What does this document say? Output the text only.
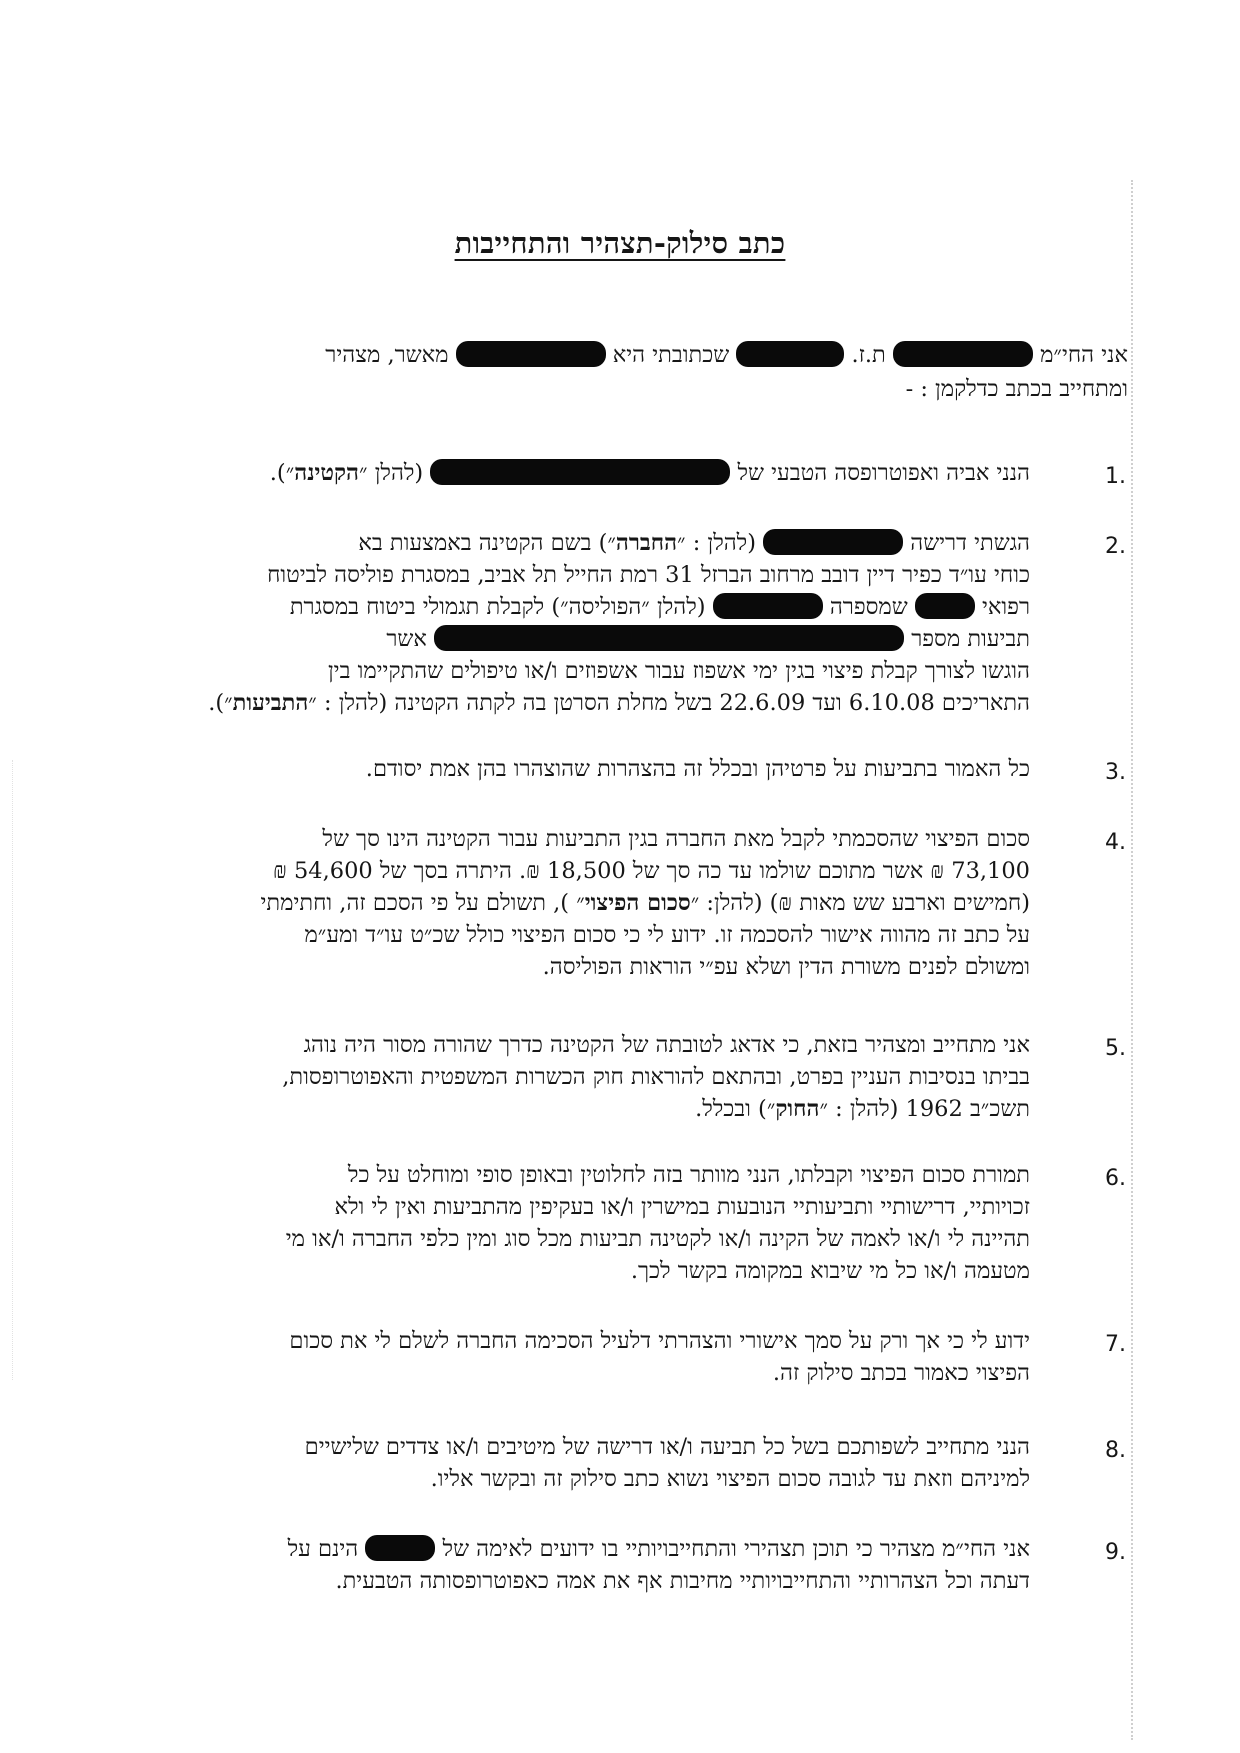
כתב סילוק-תצהיר והתחייבות
אני החי״מ  ת.ז.  שכתובתי היא  מאשר, מצהיר
ומתחייב בכתב כדלקמן : -
1.
הנני אביה ואפוטרופסה הטבעי של  (להלן ״הקטינה״).
2.
הגשתי דרישה  (להלן : ״החברה״) בשם הקטינה באמצעות בא
כוחי עו״ד כפיר דיין דובב מרחוב הברזל 31 רמת החייל תל אביב, במסגרת פוליסה לביטוח
רפואי  שמספרה  (להלן ״הפוליסה״) לקבלת תגמולי ביטוח במסגרת
תביעות מספר  אשר
הוגשו לצורך קבלת פיצוי בגין ימי אשפוז עבור אשפוזים ו/או טיפולים שהתקיימו בין
התאריכים 6.10.08 ועד 22.6.09 בשל מחלת הסרטן בה לקתה הקטינה (להלן : ״התביעות״).
3.
כל האמור בתביעות על פרטיהן ובכלל זה בהצהרות שהוצהרו בהן אמת יסודם.
4.
סכום הפיצוי שהסכמתי לקבל מאת החברה בגין התביעות עבור הקטינה הינו סך של
73,100 ₪ אשר מתוכם שולמו עד כה סך של 18,500 ₪. היתרה בסך של 54,600 ₪
(חמישים וארבע שש מאות ₪) (להלן: ״סכום הפיצוי״ ), תשולם על פי הסכם זה, וחתימתי
על כתב זה מהווה אישור להסכמה זו. ידוע לי כי סכום הפיצוי כולל שכ״ט עו״ד ומע״מ
ומשולם לפנים משורת הדין ושלא עפ״י הוראות הפוליסה.
5.
אני מתחייב ומצהיר בזאת, כי אדאג לטובתה של הקטינה כדרך שהורה מסור היה נוהג
בביתו בנסיבות העניין בפרט, ובהתאם להוראות חוק הכשרות המשפטית והאפוטרופסות,
תשכ״ב 1962 (להלן : ״החוק״) ובכלל.
6.
תמורת סכום הפיצוי וקבלתו, הנני מוותר בזה לחלוטין ובאופן סופי ומוחלט על כל
זכויותיי, דרישותיי ותביעותיי הנובעות במישרין ו/או בעקיפין מהתביעות ואין לי ולא
תהיינה לי ו/או לאמה של הקינה ו/או לקטינה תביעות מכל סוג ומין כלפי החברה ו/או מי
מטעמה ו/או כל מי שיבוא במקומה בקשר לכך.
7.
ידוע לי כי אך ורק על סמך אישורי והצהרתי דלעיל הסכימה החברה לשלם לי את סכום
הפיצוי כאמור בכתב סילוק זה.
8.
הנני מתחייב לשפותכם בשל כל תביעה ו/או דרישה של מיטיבים ו/או צדדים שלישיים
למיניהם וזאת עד לגובה סכום הפיצוי נשוא כתב סילוק זה ובקשר אליו.
9.
אני החי״מ מצהיר כי תוכן תצהירי והתחייבויותיי בו ידועים לאימה של  הינם על
דעתה וכל הצהרותיי והתחייבויותיי מחיבות אף את אמה כאפוטרופסותה הטבעית.
